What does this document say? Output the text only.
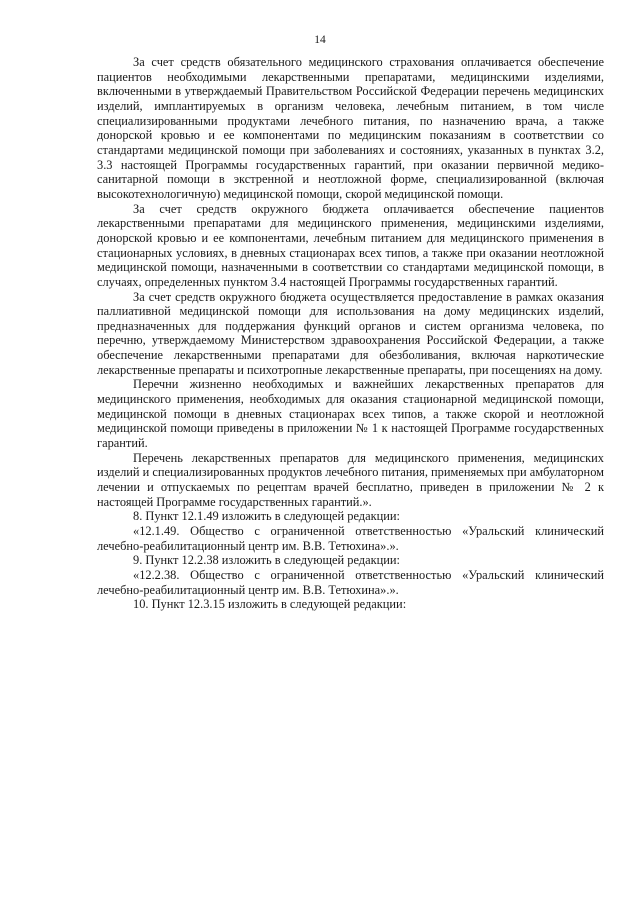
14

За счет средств обязательного медицинского страхования оплачивается обеспечение пациентов необходимыми лекарственными препаратами, медицинскими изделиями, включенными в утверждаемый Правительством Российской Федерации перечень медицинских изделий, имплантируемых в организм человека, лечебным питанием, в том числе специализированными продуктами лечебного питания, по назначению врача, а также донорской кровью и ее компонентами по медицинским показаниям в соответствии со стандартами медицинской помощи при заболеваниях и состояниях, указанных в пунктах 3.2, 3.3 настоящей Программы государственных гарантий, при оказании первичной медико-санитарной помощи в экстренной и неотложной форме, специализированной (включая высокотехнологичную) медицинской помощи, скорой медицинской помощи.

За счет средств окружного бюджета оплачивается обеспечение пациентов лекарственными препаратами для медицинского применения, медицинскими изделиями, донорской кровью и ее компонентами, лечебным питанием для медицинского применения в стационарных условиях, в дневных стационарах всех типов, а также при оказании неотложной медицинской помощи, назначенными в соответствии со стандартами медицинской помощи, в случаях, определенных пунктом 3.4 настоящей Программы государственных гарантий.

За счет средств окружного бюджета осуществляется предоставление в рамках оказания паллиативной медицинской помощи для использования на дому медицинских изделий, предназначенных для поддержания функций органов и систем организма человека, по перечню, утверждаемому Министерством здравоохранения Российской Федерации, а также обеспечение лекарственными препаратами для обезболивания, включая наркотические лекарственные препараты и психотропные лекарственные препараты, при посещениях на дому.

Перечни жизненно необходимых и важнейших лекарственных препаратов для медицинского применения, необходимых для оказания стационарной медицинской помощи, медицинской помощи в дневных стационарах всех типов, а также скорой и неотложной медицинской помощи приведены в приложении № 1 к настоящей Программе государственных гарантий.

Перечень лекарственных препаратов для медицинского применения, медицинских изделий и специализированных продуктов лечебного питания, применяемых при амбулаторном лечении и отпускаемых по рецептам врачей бесплатно, приведен в приложении № 2 к настоящей Программе государственных гарантий.».

8. Пункт 12.1.49 изложить в следующей редакции:

«12.1.49. Общество с ограниченной ответственностью «Уральский клинический лечебно-реабилитационный центр им. В.В. Тетюхина».».

9. Пункт 12.2.38 изложить в следующей редакции:

«12.2.38. Общество с ограниченной ответственностью «Уральский клинический лечебно-реабилитационный центр им. В.В. Тетюхина».».

10. Пункт 12.3.15 изложить в следующей редакции:
